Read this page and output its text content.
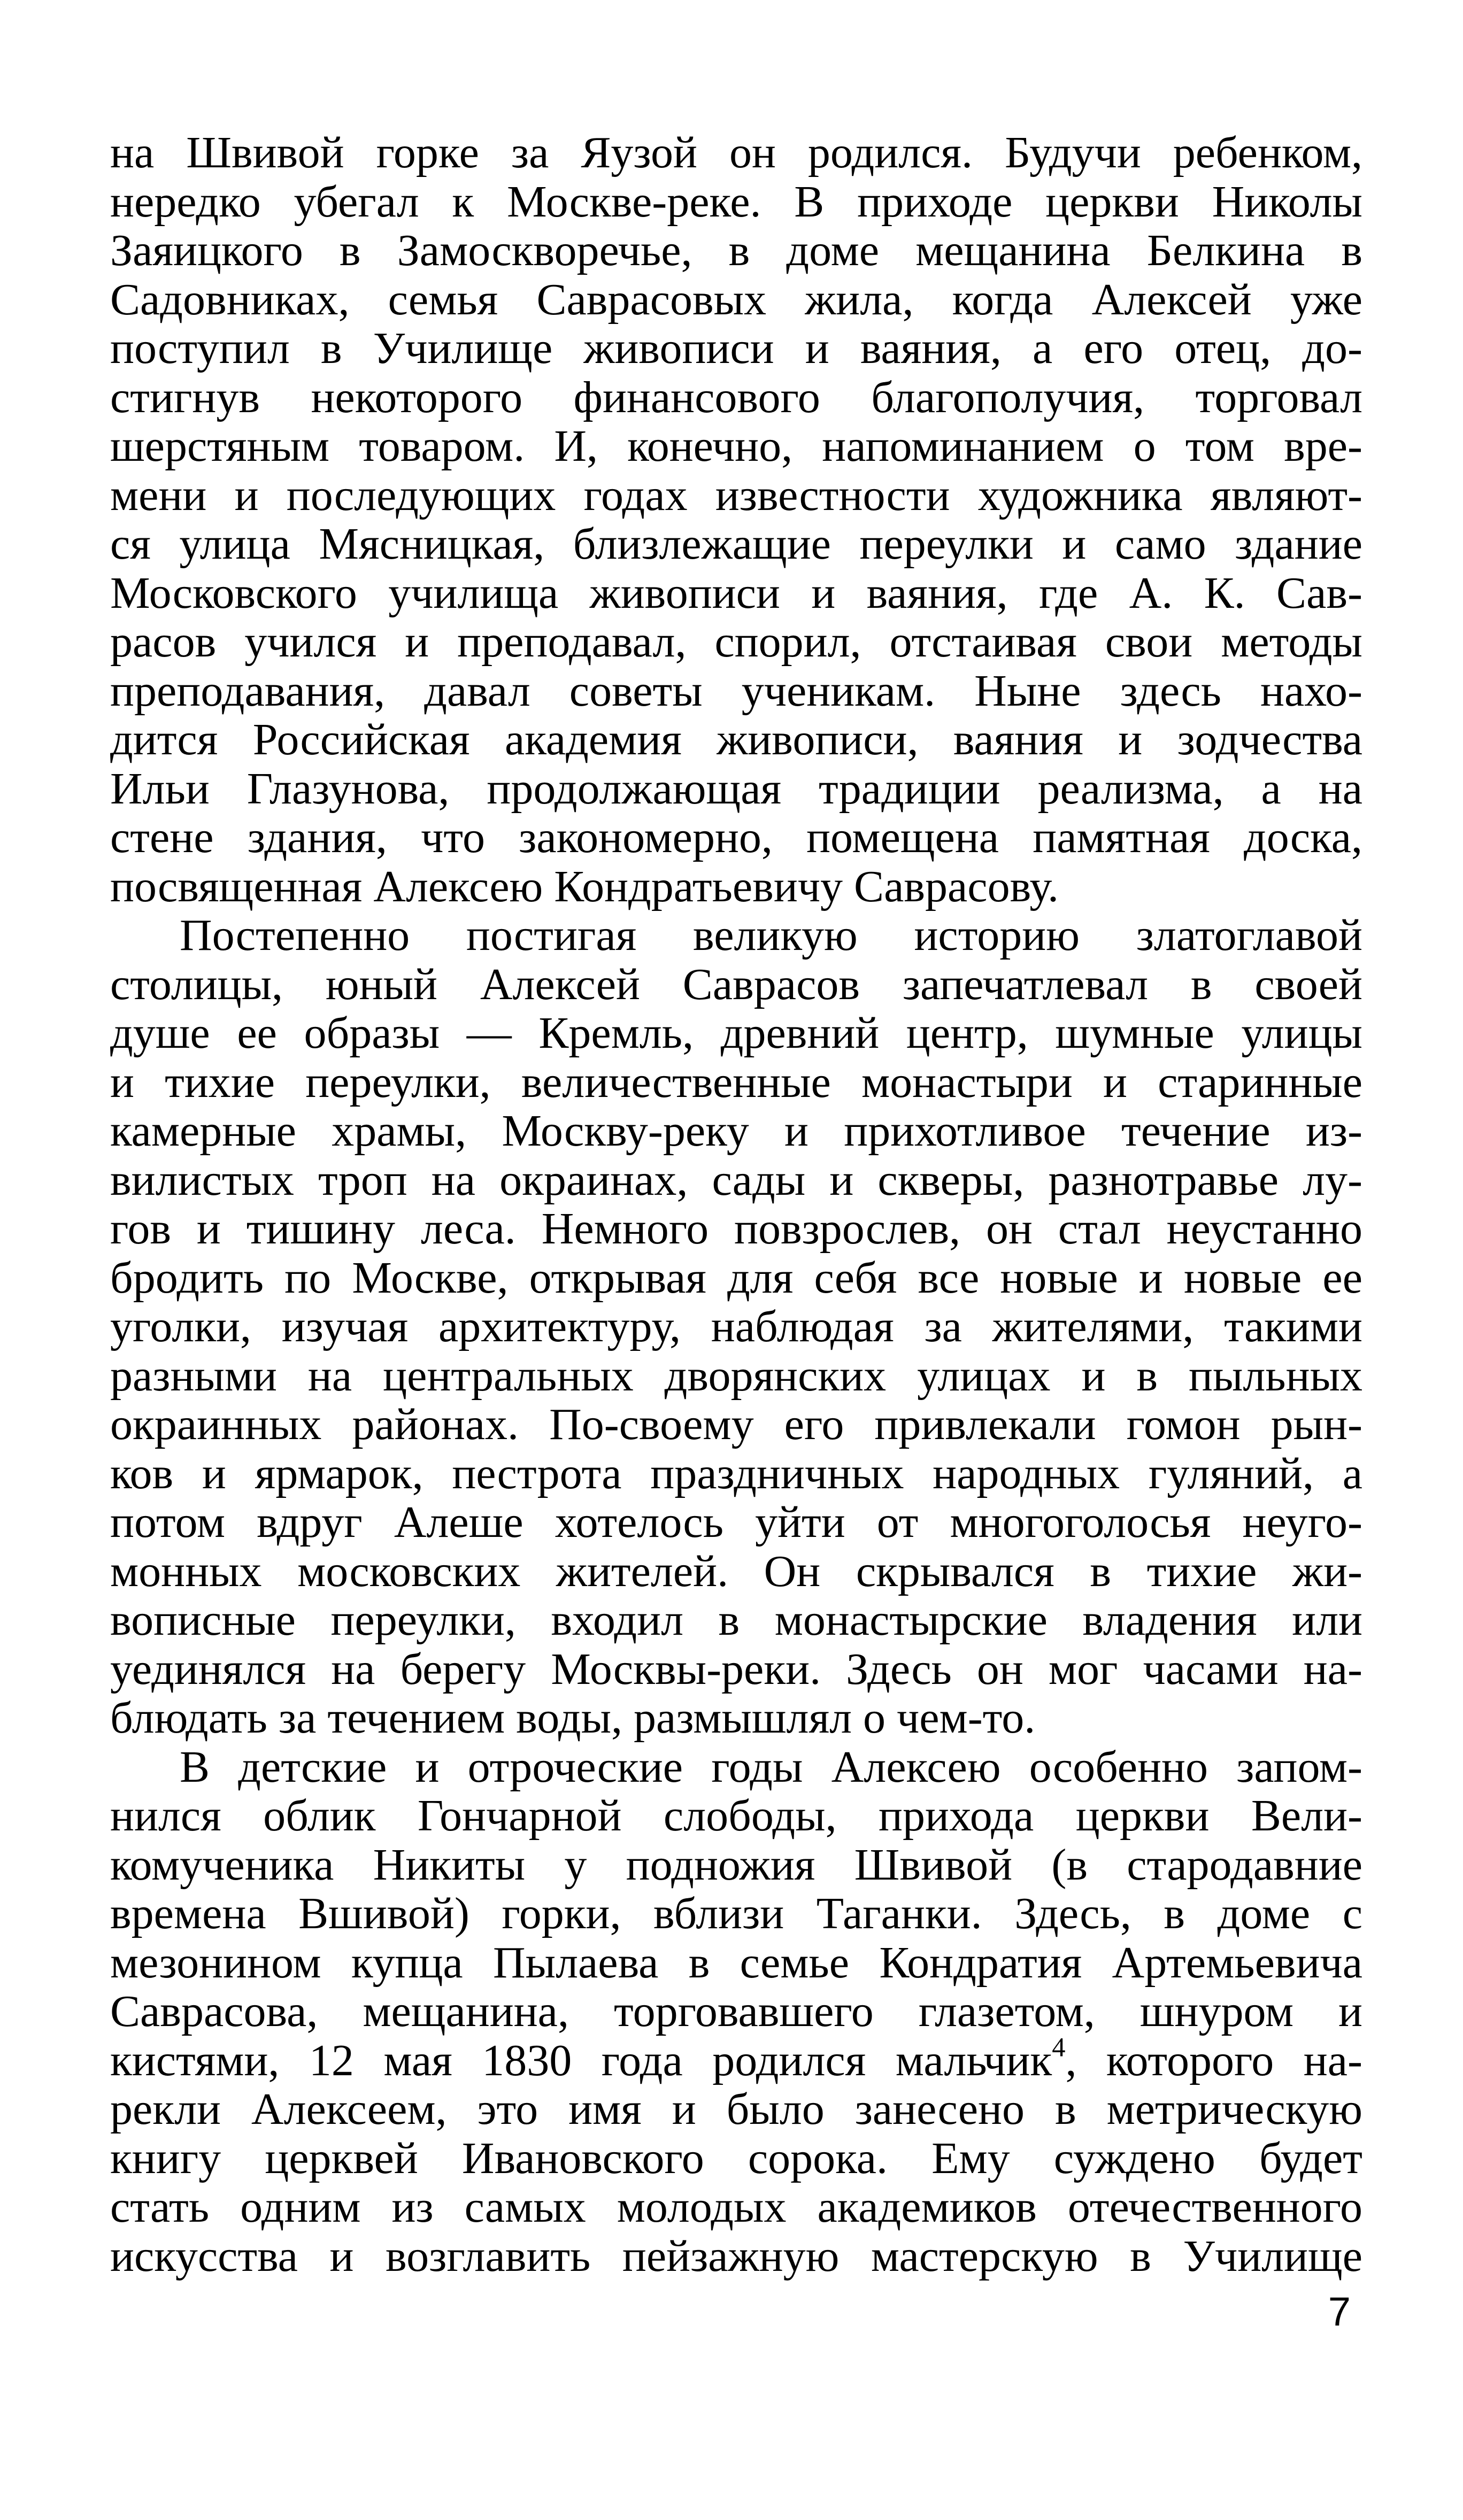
на Швивой горке за Яузой он родился. Будучи ребенком,
нередко убегал к Москве-реке. В приходе церкви Николы
Заяицкого в Замоскворечье, в доме мещанина Белкина в
Садовниках, семья Саврасовых жила, когда Алексей уже
поступил в Училище живописи и ваяния, а его отец, до-
стигнув некоторого финансового благополучия, торговал
шерстяным товаром. И, конечно, напоминанием о том вре-
мени и последующих годах известности художника являют-
ся улица Мясницкая, близлежащие переулки и само здание
Московского училища живописи и ваяния, где А. К. Сав-
расов учился и преподавал, спорил, отстаивая свои методы
преподавания, давал советы ученикам. Ныне здесь нахо-
дится Российская академия живописи, ваяния и зодчества
Ильи Глазунова, продолжающая традиции реализма, а на
стене здания, что закономерно, помещена памятная доска,
посвященная Алексею Кондратьевичу Саврасову.
Постепенно постигая великую историю златоглавой
столицы, юный Алексей Саврасов запечатлевал в своей
душе ее образы — Кремль, древний центр, шумные улицы
и тихие переулки, величественные монастыри и старинные
камерные храмы, Москву-реку и прихотливое течение из-
вилистых троп на окраинах, сады и скверы, разнотравье лу-
гов и тишину леса. Немного повзрослев, он стал неустанно
бродить по Москве, открывая для себя все новые и новые ее
уголки, изучая архитектуру, наблюдая за жителями, такими
разными на центральных дворянских улицах и в пыльных
окраинных районах. По-своему его привлекали гомон рын-
ков и ярмарок, пестрота праздничных народных гуляний, а
потом вдруг Алеше хотелось уйти от многоголосья неуго-
монных московских жителей. Он скрывался в тихие жи-
вописные переулки, входил в монастырские владения или
уединялся на берегу Москвы-реки. Здесь он мог часами на-
блюдать за течением воды, размышлял о чем-то.
В детские и отроческие годы Алексею особенно запом-
нился облик Гончарной слободы, прихода церкви Вели-
комученика Никиты у подножия Швивой (в стародавние
времена Вшивой) горки, вблизи Таганки. Здесь, в доме с
мезонином купца Пылаева в семье Кондратия Артемьевича
Саврасова, мещанина, торговавшего глазетом, шнуром и
кистями, 12 мая 1830 года родился мальчик$^4$, которого на-
рекли Алексеем, это имя и было занесено в метрическую
книгу церквей Ивановского сорока. Ему суждено будет
стать одним из самых молодых академиков отечественного
искусства и возглавить пейзажную мастерскую в Училище
7
